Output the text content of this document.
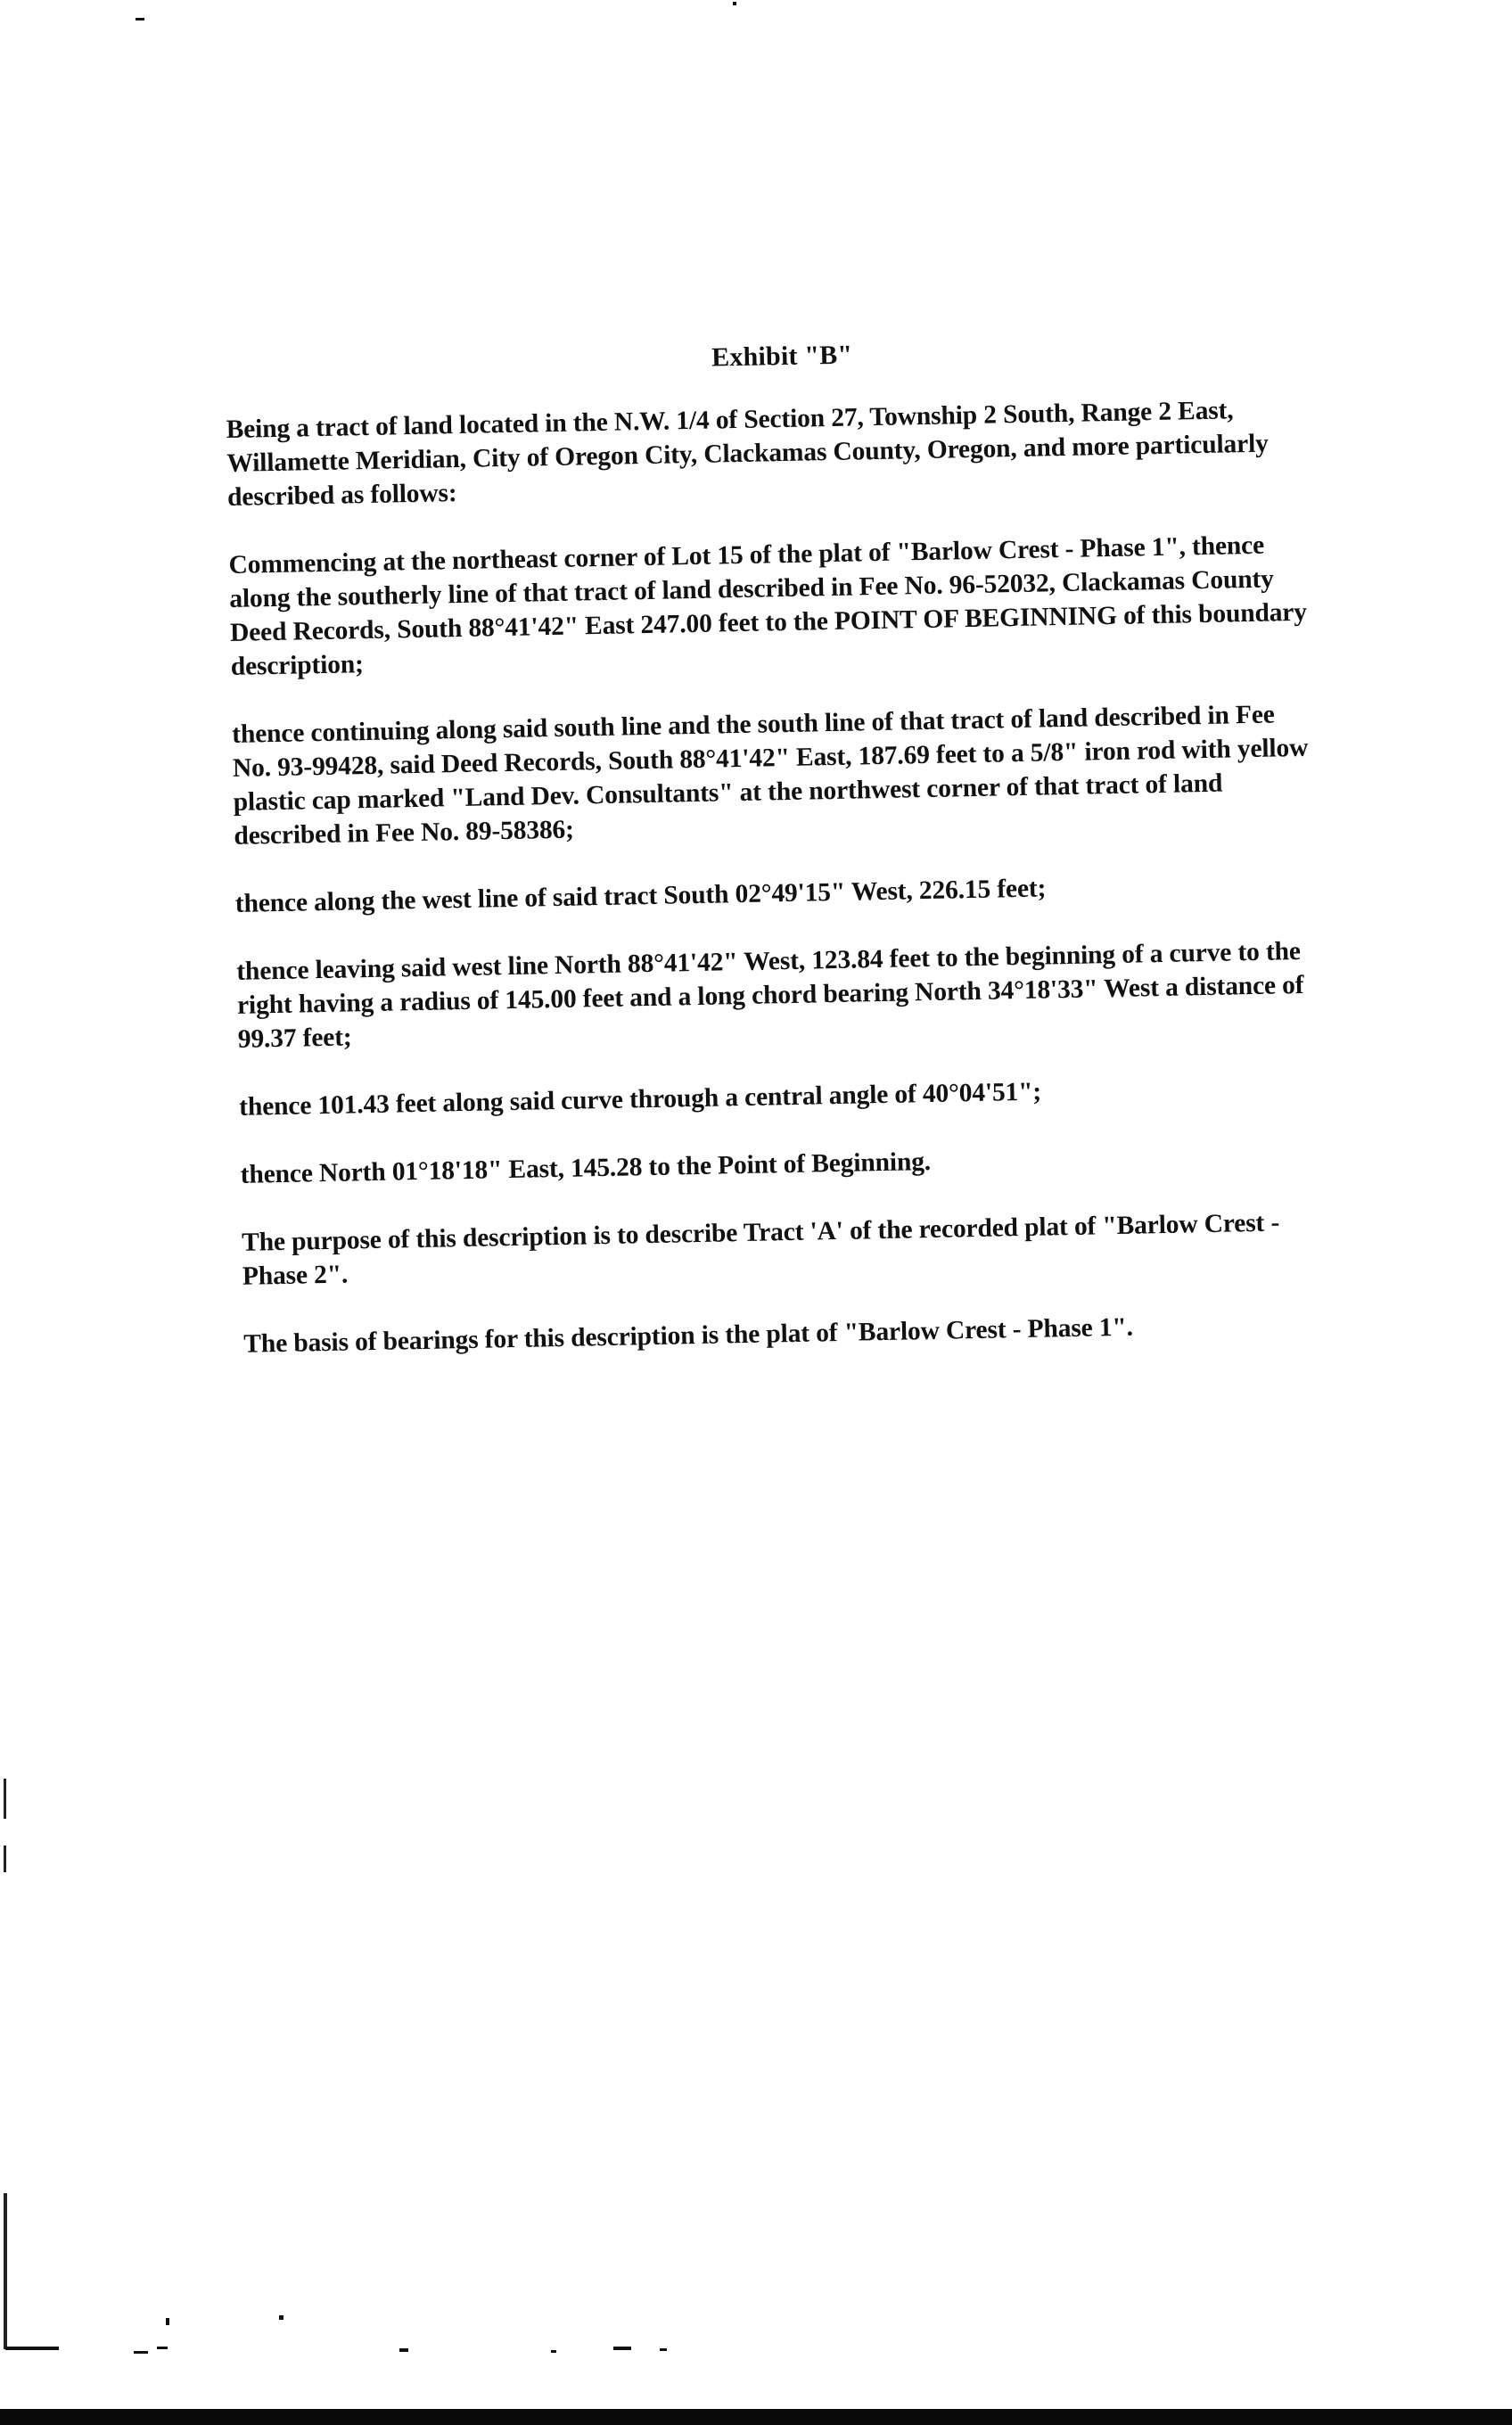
Exhibit "B"

Being a tract of land located in the N.W. 1/4 of Section 27, Township 2 South, Range 2 East, Willamette Meridian, City of Oregon City, Clackamas County, Oregon, and more particularly described as follows:

Commencing at the northeast corner of Lot 15 of the plat of "Barlow Crest - Phase 1", thence along the southerly line of that tract of land described in Fee No. 96-52032, Clackamas County Deed Records, South 88°41'42" East 247.00 feet to the POINT OF BEGINNING of this boundary description;

thence continuing along said south line and the south line of that tract of land described in Fee No. 93-99428, said Deed Records, South 88°41'42" East, 187.69 feet to a 5/8" iron rod with yellow plastic cap marked "Land Dev. Consultants" at the northwest corner of that tract of land described in Fee No. 89-58386;

thence along the west line of said tract South 02°49'15" West, 226.15 feet;

thence leaving said west line North 88°41'42" West, 123.84 feet to the beginning of a curve to the right having a radius of 145.00 feet and a long chord bearing North 34°18'33" West a distance of 99.37 feet;

thence 101.43 feet along said curve through a central angle of 40°04'51";

thence North 01°18'18" East, 145.28 to the Point of Beginning.

The purpose of this description is to describe Tract 'A' of the recorded plat of "Barlow Crest - Phase 2".

The basis of bearings for this description is the plat of "Barlow Crest - Phase 1".
